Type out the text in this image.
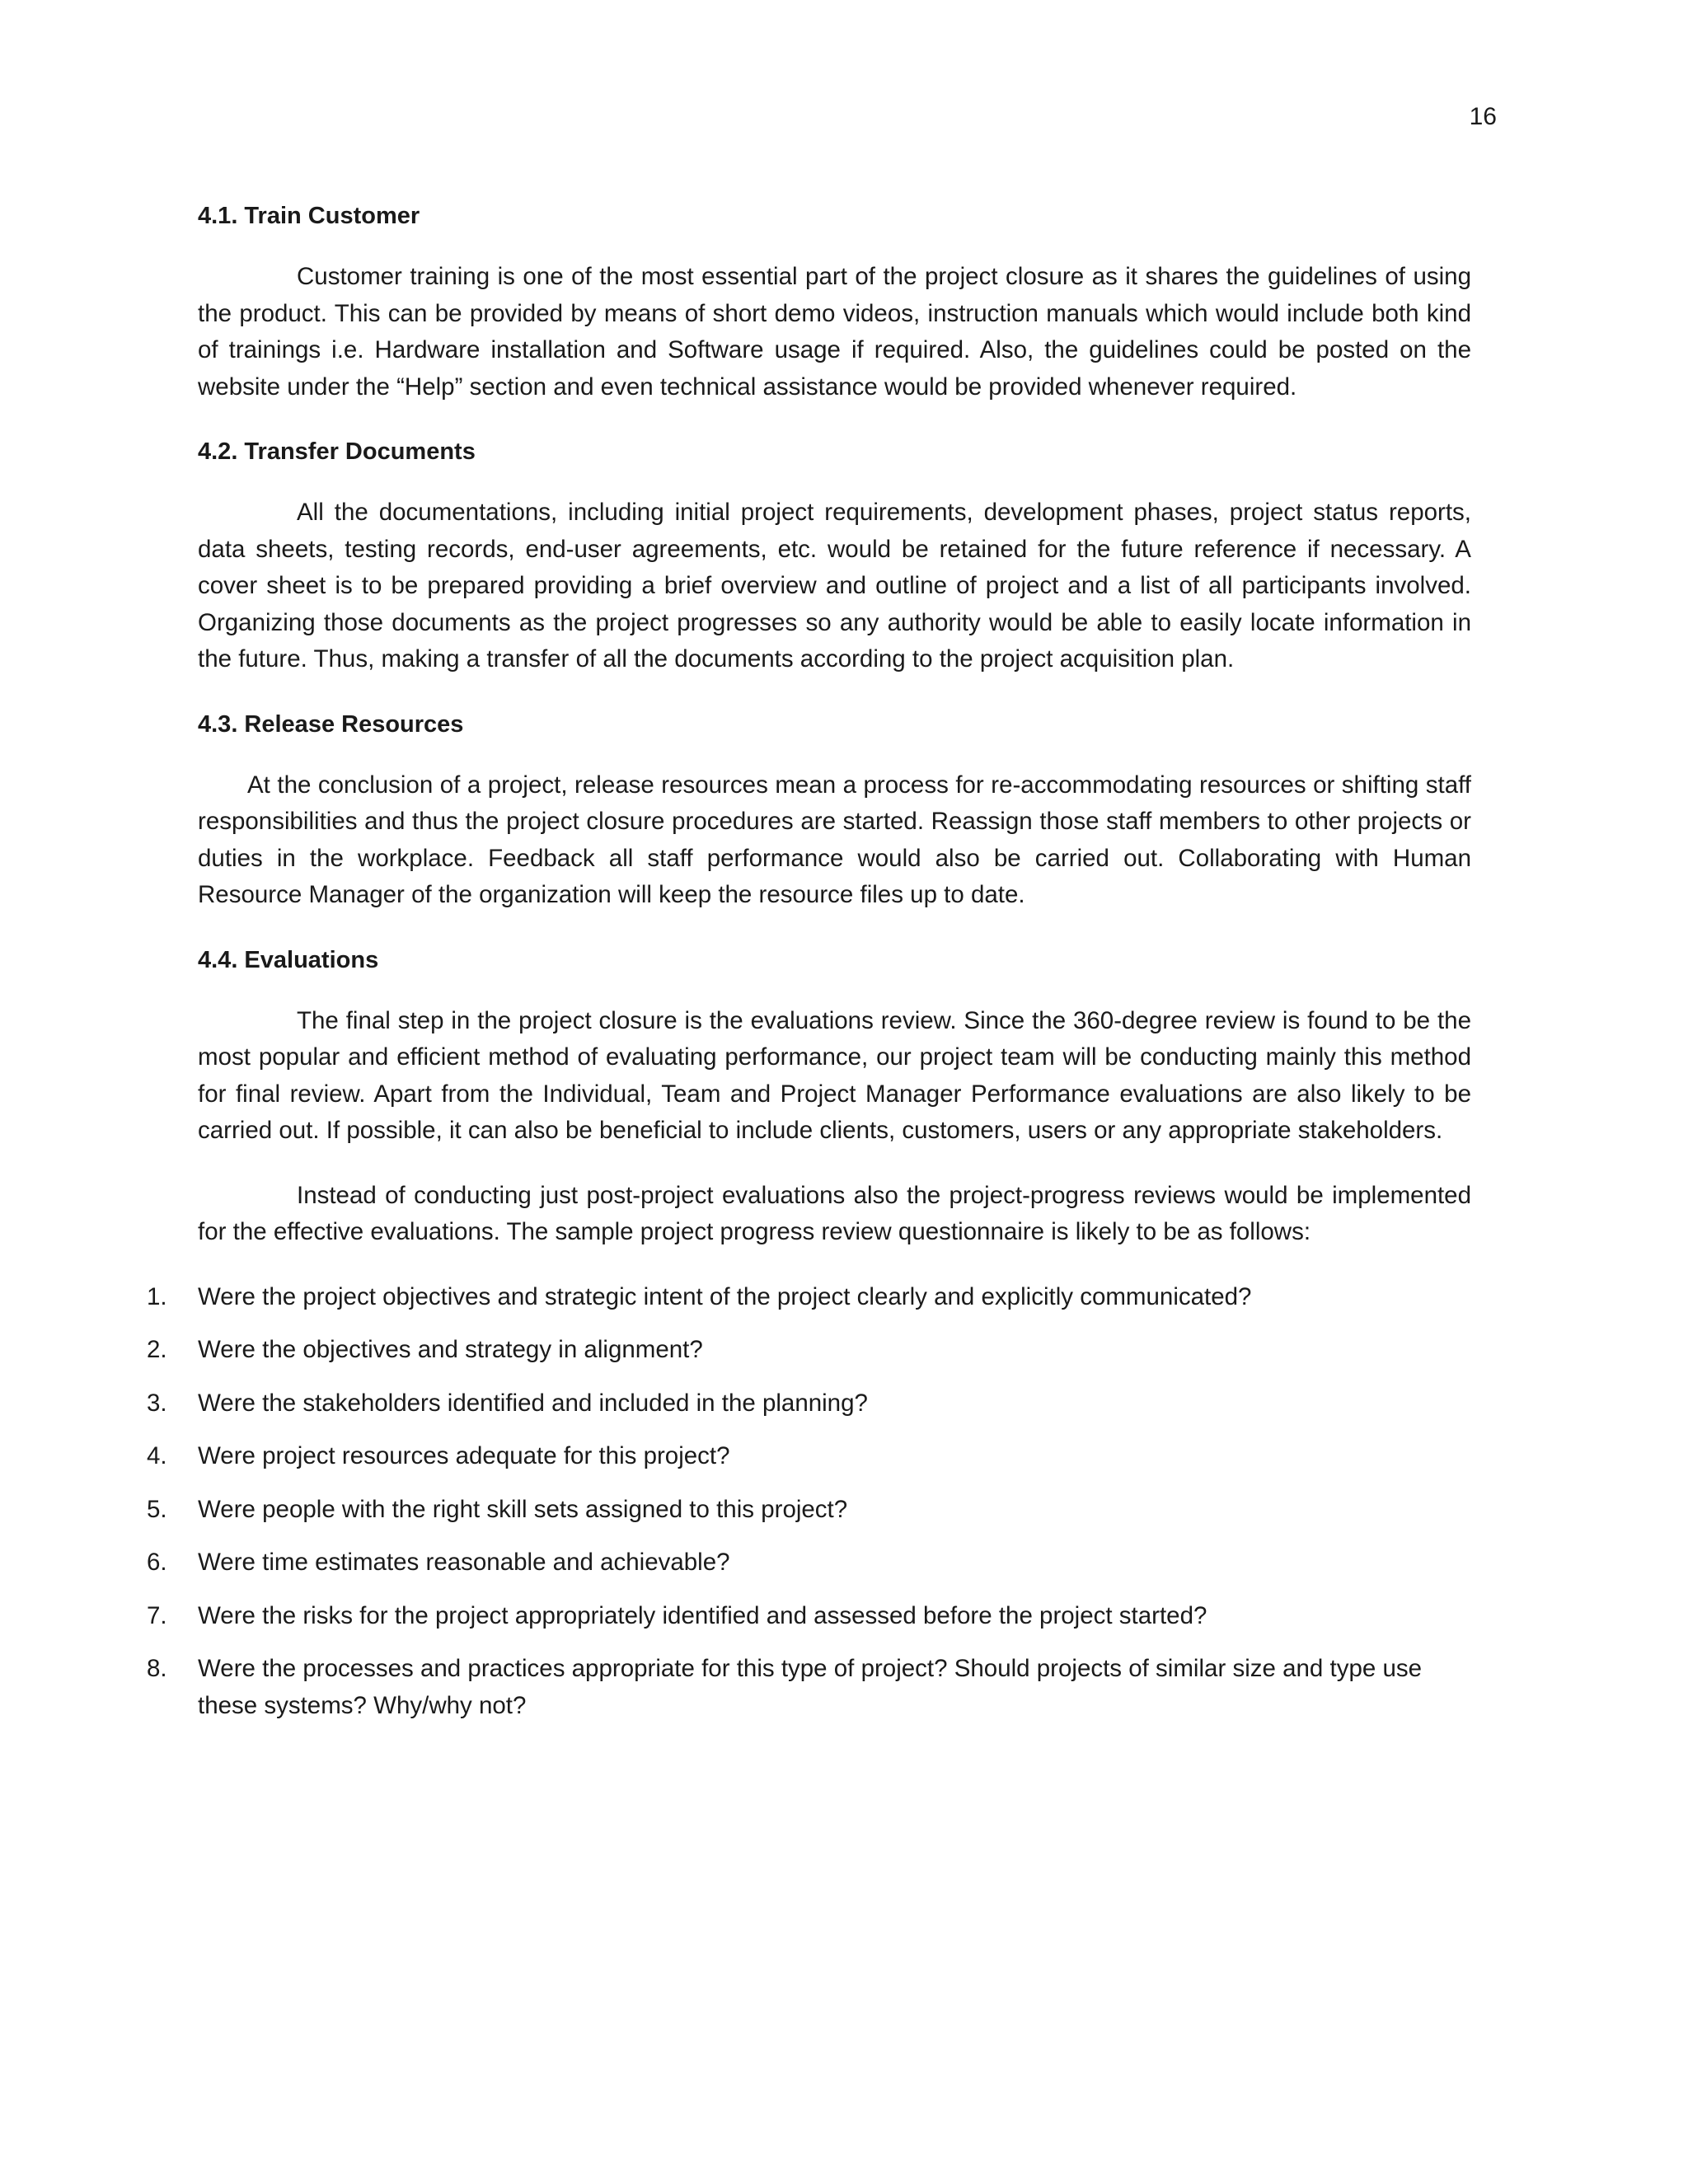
16
4.1. Train Customer

Customer training is one of the most essential part of the project closure as it shares the guidelines of using the product. This can be provided by means of short demo videos, instruction manuals which would include both kind of trainings i.e. Hardware installation and Software usage if required. Also, the guidelines could be posted on the website under the “Help” section and even technical assistance would be provided whenever required.

4.2. Transfer Documents

All the documentations, including initial project requirements, development phases, project status reports, data sheets, testing records, end-user agreements, etc. would be retained for the future reference if necessary. A cover sheet is to be prepared providing a brief overview and outline of project and a list of all participants involved. Organizing those documents as the project progresses so any authority would be able to easily locate information in the future. Thus, making a transfer of all the documents according to the project acquisition plan.

4.3. Release Resources

At the conclusion of a project, release resources mean a process for re-accommodating resources or shifting staff responsibilities and thus the project closure procedures are started. Reassign those staff members to other projects or duties in the workplace. Feedback all staff performance would also be carried out. Collaborating with Human Resource Manager of the organization will keep the resource files up to date.

4.4. Evaluations

The final step in the project closure is the evaluations review. Since the 360-degree review is found to be the most popular and efficient method of evaluating performance, our project team will be conducting mainly this method for final review. Apart from the Individual, Team and Project Manager Performance evaluations are also likely to be carried out. If possible, it can also be beneficial to include clients, customers, users or any appropriate stakeholders.

Instead of conducting just post-project evaluations also the project-progress reviews would be implemented for the effective evaluations. The sample project progress review questionnaire is likely to be as follows:

1. Were the project objectives and strategic intent of the project clearly and explicitly communicated?
2. Were the objectives and strategy in alignment?
3. Were the stakeholders identified and included in the planning?
4. Were project resources adequate for this project?
5. Were people with the right skill sets assigned to this project?
6. Were time estimates reasonable and achievable?
7. Were the risks for the project appropriately identified and assessed before the project started?
8. Were the processes and practices appropriate for this type of project? Should projects of similar size and type use these systems? Why/why not?
